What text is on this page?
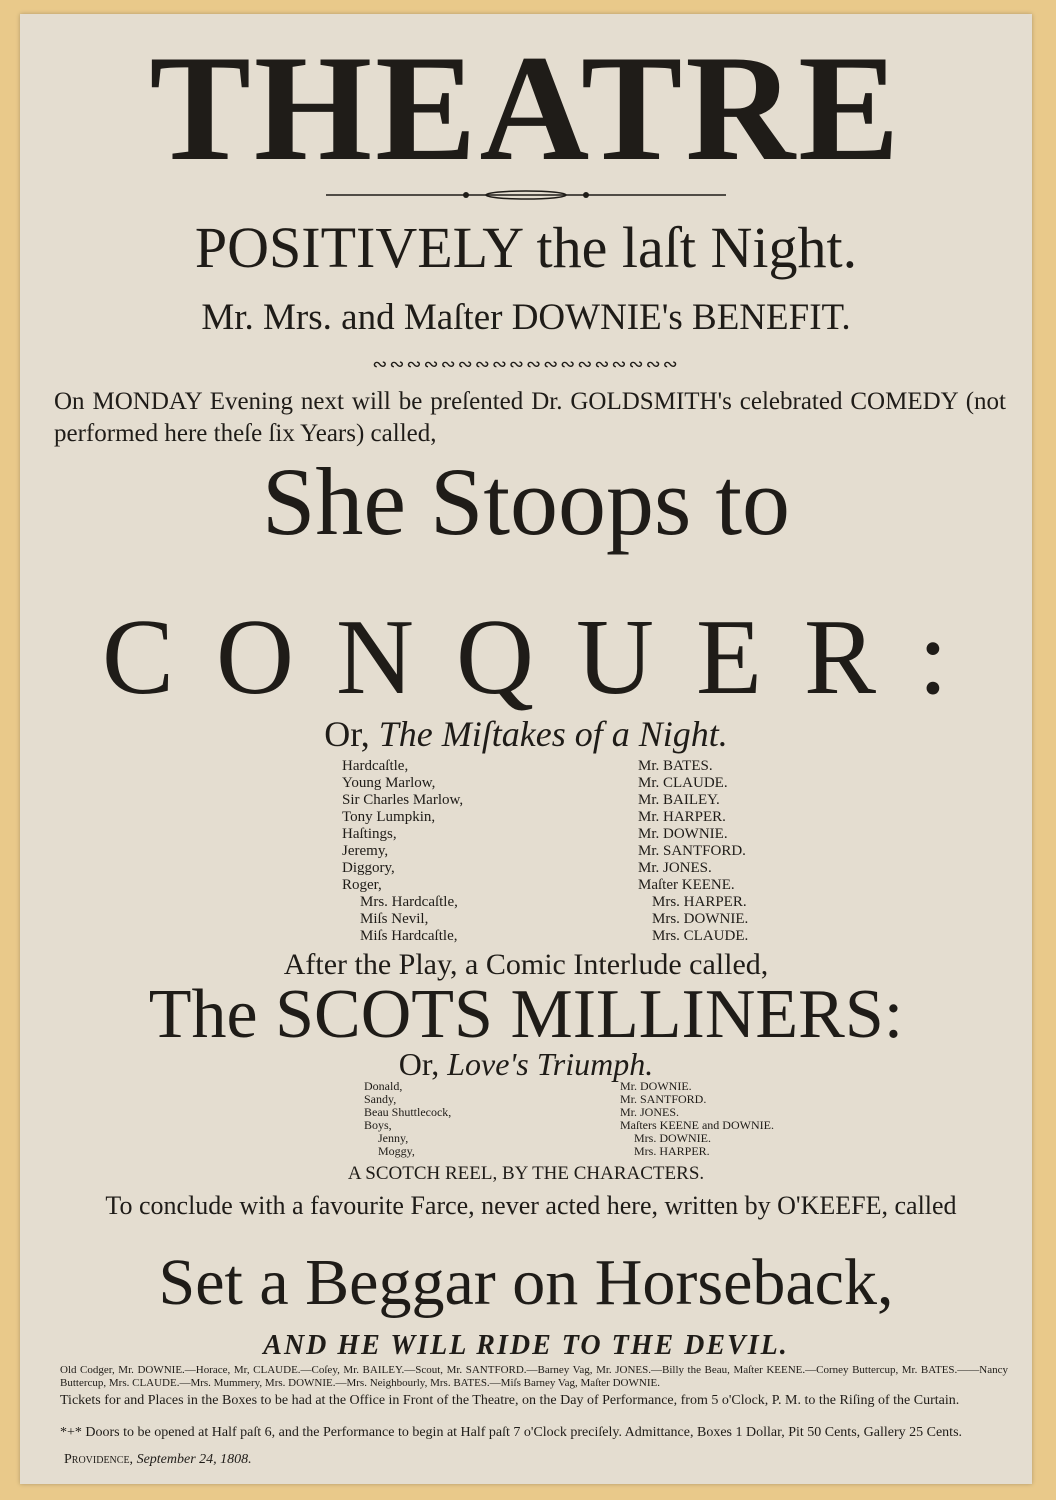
THEATRE
POSITIVELY the laſt Night.
Mr. Mrs. and Maſter DOWNIE's BENEFIT.
∾∾∾∾∾∾∾∾∾∾∾∾∾∾∾∾∾∾
On MONDAY Evening next will be preſented Dr. GOLDSMITH's celebrated COMEDY (not performed here theſe ſix Years) called,
She Stoops to
CONQUER:
Or, The Miſtakes of a Night.
Hardcaſtle,
Young Marlow,
Sir Charles Marlow,
Tony Lumpkin,
Haſtings,
Jeremy,
Diggory,
Roger,
Mrs. Hardcaſtle,
Miſs Nevil,
Miſs Hardcaſtle,
Mr. BATES.
Mr. CLAUDE.
Mr. BAILEY.
Mr. HARPER.
Mr. DOWNIE.
Mr. SANTFORD.
Mr. JONES.
Maſter KEENE.
Mrs. HARPER.
Mrs. DOWNIE.
Mrs. CLAUDE.
After the Play, a Comic Interlude called,
The SCOTS MILLINERS:
Or, Love's Triumph.
Donald,
Sandy,
Beau Shuttlecock,
Boys,
Jenny,
Moggy,
Mr. DOWNIE.
Mr. SANTFORD.
Mr. JONES.
Maſters KEENE and DOWNIE.
Mrs. DOWNIE.
Mrs. HARPER.
A SCOTCH REEL, BY THE CHARACTERS.
To conclude with a favourite Farce, never acted here, written by O'KEEFE, called
Set a Beggar on Horseback,
AND HE WILL RIDE TO THE DEVIL.
Old Codger, Mr. DOWNIE.—Horace, Mr, CLAUDE.—Coſey, Mr. BAILEY.—Scout, Mr. SANTFORD.—Barney Vag, Mr. JONES.—Billy the Beau, Maſter KEENE.—Corney Buttercup, Mr. BATES.——Nancy Buttercup, Mrs. CLAUDE.—Mrs. Mummery, Mrs. DOWNIE.—Mrs. Neighbourly, Mrs. BATES.—Miſs Barney Vag, Maſter DOWNIE.
Tickets for and Places in the Boxes to be had at the Office in Front of the Theatre, on the Day of Performance, from 5 o'Clock, P. M. to the Riſing of the Curtain.
*+* Doors to be opened at Half paſt 6, and the Performance to begin at Half paſt 7 o'Clock preciſely. Admittance, Boxes 1 Dollar, Pit 50 Cents, Gallery 25 Cents.
Providence, September 24, 1808.
